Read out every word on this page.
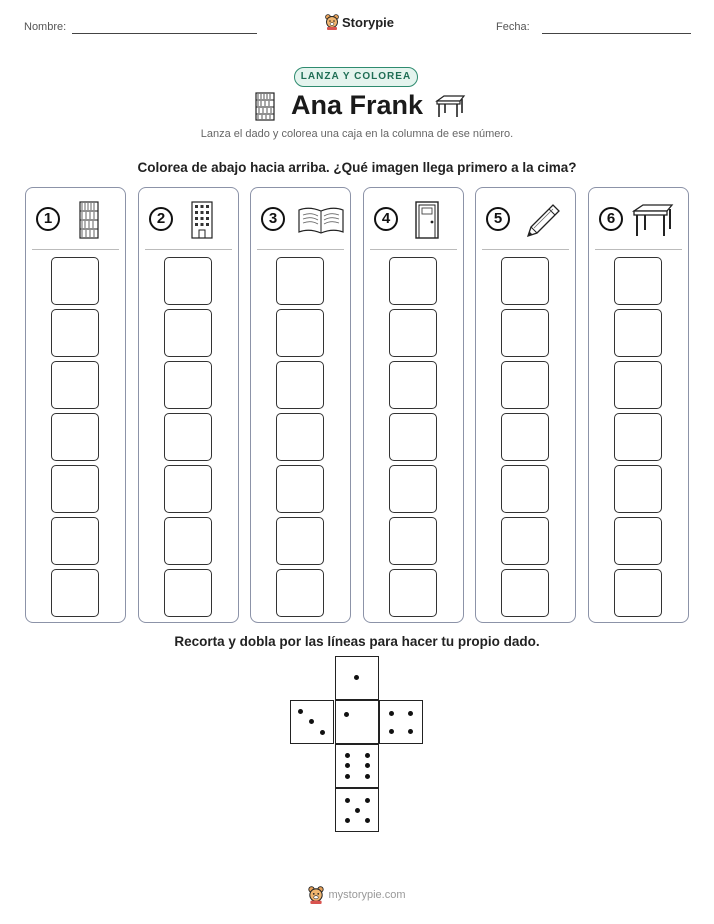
Nombre:	Fecha:
Storypie
LANZA Y COLOREA
Ana Frank
Lanza el dado y colorea una caja en la columna de ese número.
Colorea de abajo hacia arriba. ¿Qué imagen llega primero a la cima?
1	2	3	4	5	6
Recorta y dobla por las líneas para hacer tu propio dado.
mystorypie.com
